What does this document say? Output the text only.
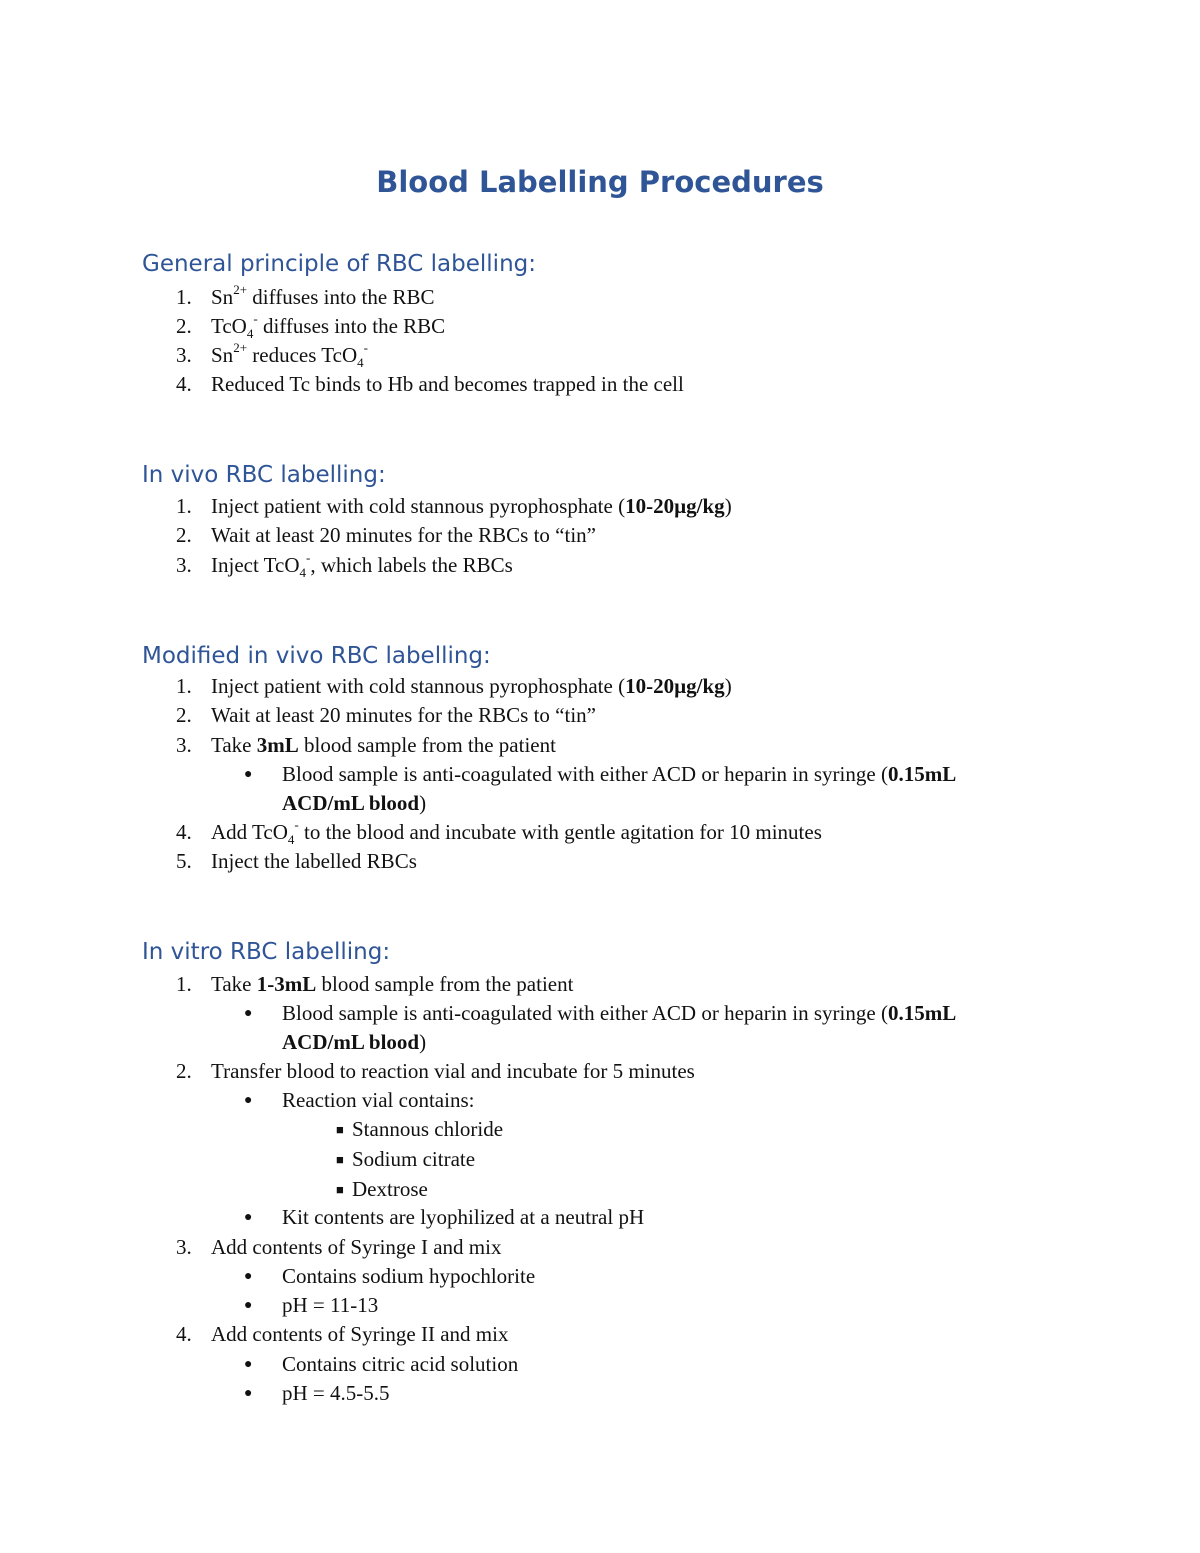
Blood Labelling Procedures
General principle of RBC labelling:
1. $Sn^{2+}$ diffuses into the RBC
2. TcO$_4$- diffuses into the RBC
3. $Sn^{2+}$ reduces TcO$_4$-
4. Reduced Tc binds to Hb and becomes trapped in the cell
In vivo RBC labelling:
1. Inject patient with cold stannous pyrophosphate (10-20µg/kg)
2. Wait at least 20 minutes for the RBCs to “tin”
3. Inject TcO$_4$-, which labels the RBCs
Modified in vivo RBC labelling:
1. Inject patient with cold stannous pyrophosphate (10-20µg/kg)
2. Wait at least 20 minutes for the RBCs to “tin”
3. Take 3mL blood sample from the patient
● Blood sample is anti-coagulated with either ACD or heparin in syringe (0.15mL
ACD/mL blood)
4. Add TcO$_4$- to the blood and incubate with gentle agitation for 10 minutes
5. Inject the labelled RBCs
In vitro RBC labelling:
1. Take 1-3mL blood sample from the patient
● Blood sample is anti-coagulated with either ACD or heparin in syringe (0.15mL
ACD/mL blood)
2. Transfer blood to reaction vial and incubate for 5 minutes
● Reaction vial contains:
■ Stannous chloride
■ Sodium citrate
■ Dextrose
● Kit contents are lyophilized at a neutral pH
3. Add contents of Syringe I and mix
● Contains sodium hypochlorite
● pH = 11-13
4. Add contents of Syringe II and mix
● Contains citric acid solution
● pH = 4.5-5.5
